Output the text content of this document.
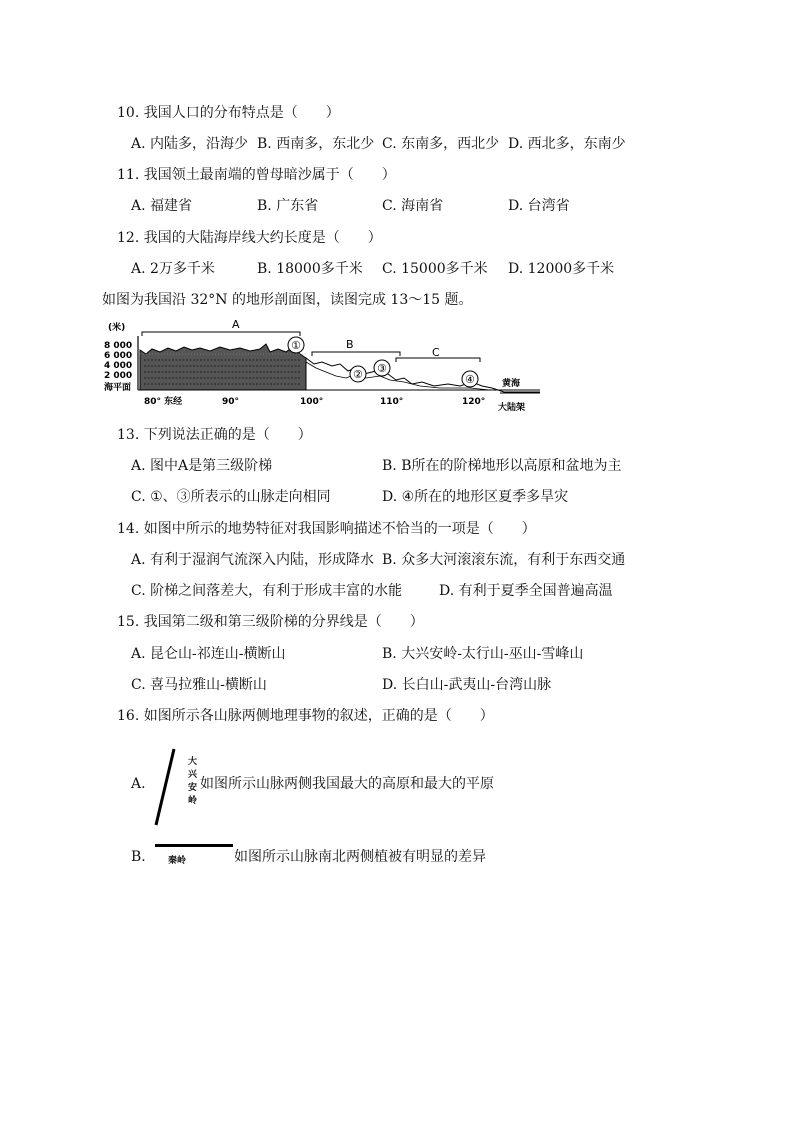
10. 我国人口的分布特点是（　　）
A. 内陆多，沿海少 B. 西南多，东北少 C. 东南多，西北少 D. 西北多，东南少
11. 我国领土最南端的曾母暗沙属于（　　）
A. 福建省	B. 广东省	C. 海南省	D. 台湾省
12. 我国的大陆海岸线大约长度是（　　）
A. 2万多千米	B. 18000多千米 C. 15000多千米 D. 12000多千米
如图为我国沿 32°N 的地形剖面图，读图完成 13～15 题。
(米)
8 000
6 000
4 000
2 000
海平面
A
B
C
①
② ③
④	黄海
大陆架
80° 东经	90°	100°	110°	120°
13. 下列说法正确的是（　　）
A. 图中A是第三级阶梯	B. B所在的阶梯地形以高原和盆地为主
C. ①、③所表示的山脉走向相同	D. ④所在的地形区夏季多旱灾
14. 如图中所示的地势特征对我国影响描述不恰当的一项是（　　）
A. 有利于湿润气流深入内陆，形成降水 B. 众多大河滚滚东流，有利于东西交通
C. 阶梯之间落差大，有利于形成丰富的水能	D. 有利于夏季全国普遍高温
15. 我国第二级和第三级阶梯的分界线是（　　）
A. 昆仑山-祁连山-横断山	B. 大兴安岭-太行山-巫山-雪峰山
C. 喜马拉雅山-横断山	D. 长白山-武夷山-台湾山脉
16. 如图所示各山脉两侧地理事物的叙述，正确的是（　　）
A.
大
兴
安
岭
如图所示山脉两侧我国最大的高原和最大的平原
B. 秦岭	如图所示山脉南北两侧植被有明显的差异
